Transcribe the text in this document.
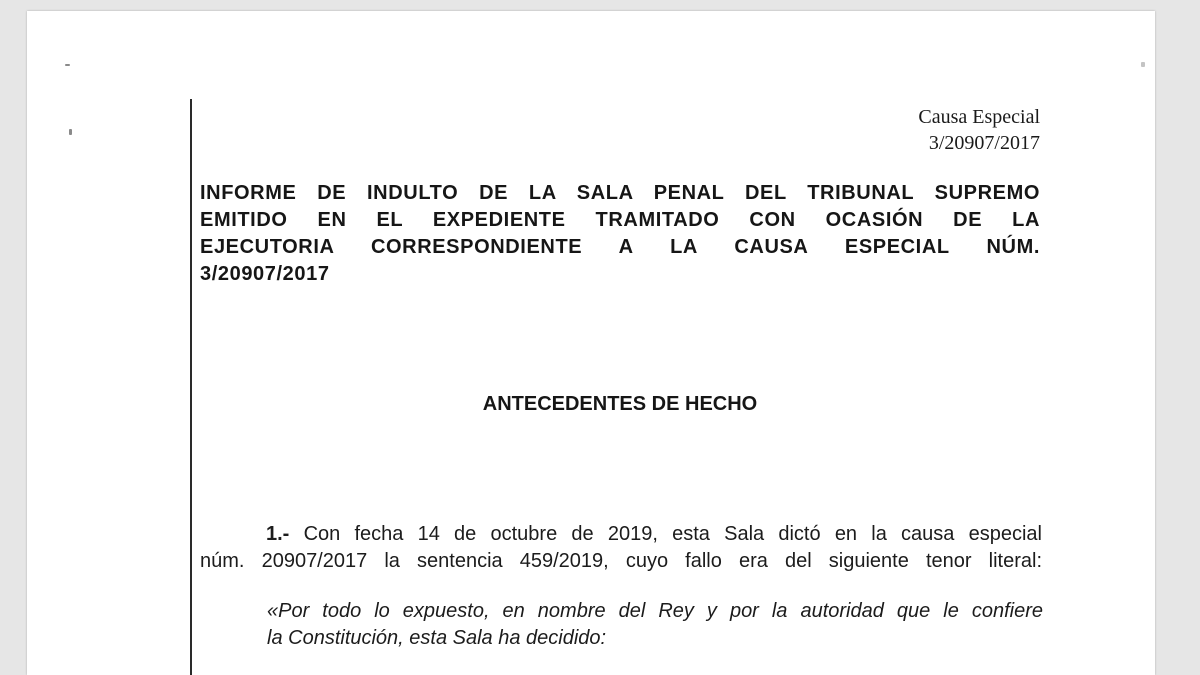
Causa Especial
3/20907/2017
INFORME DE INDULTO DE LA SALA PENAL DEL TRIBUNAL SUPREMO
EMITIDO EN EL EXPEDIENTE TRAMITADO CON OCASIÓN DE LA
EJECUTORIA CORRESPONDIENTE A LA CAUSA ESPECIAL NÚM.
3/20907/2017
ANTECEDENTES DE HECHO
1.- Con fecha 14 de octubre de 2019, esta Sala dictó en la causa especial
núm. 20907/2017 la sentencia 459/2019, cuyo fallo era del siguiente tenor literal:
«Por todo lo expuesto, en nombre del Rey y por la autoridad que le confiere
la Constitución, esta Sala ha decidido:
